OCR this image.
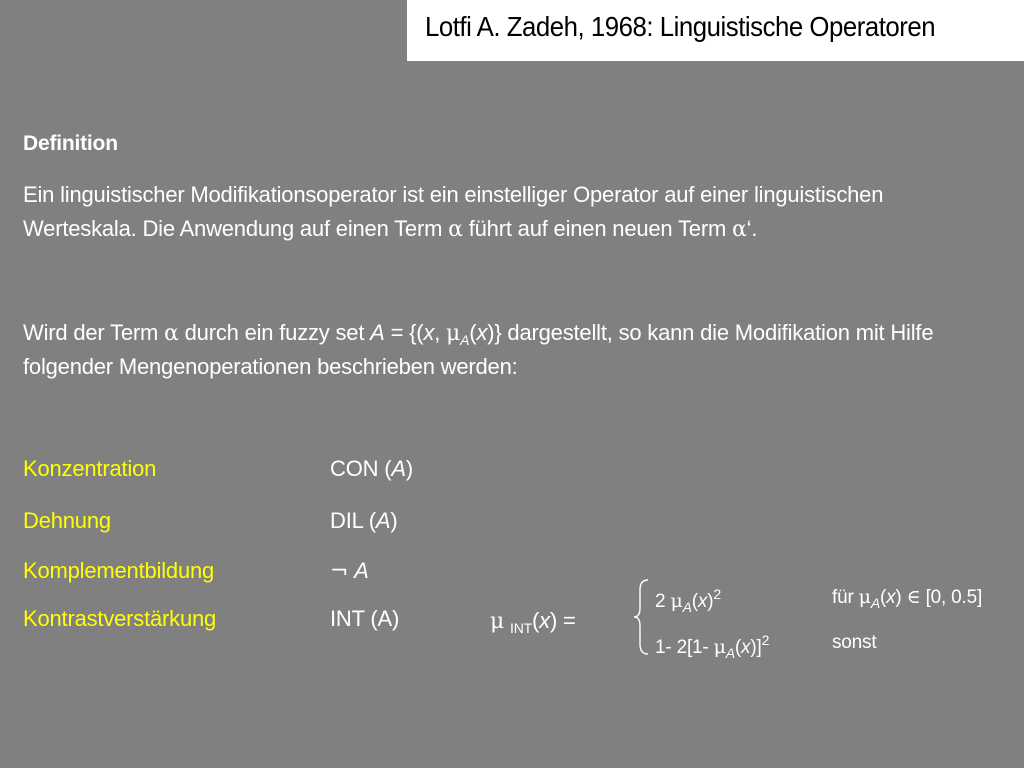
Lotfi A. Zadeh, 1968: Linguistische Operatoren
Definition
Ein linguistischer Modifikationsoperator ist ein einstelliger Operator auf einer linguistischen
Werteskala. Die Anwendung auf einen Term α führt auf einen neuen Term α‘.
Wird der Term α durch ein fuzzy set A = {(x, $\mu_A(x)$} dargestellt, so kann die Modifikation mit Hilfe
folgender Mengenoperationen beschrieben werden:
Konzentration	CON (A)
Dehnung	DIL (A)
Komplementbildung	¬ A
Kontrastverstärkung	INT (A)	μ $_{INT}$(x) =
2 $\mu_A(x)^2$	für $\mu_A(x)$ ∈ [0, 0.5]
1- 2[1- $\mu_A(x)]^2$	sonst
